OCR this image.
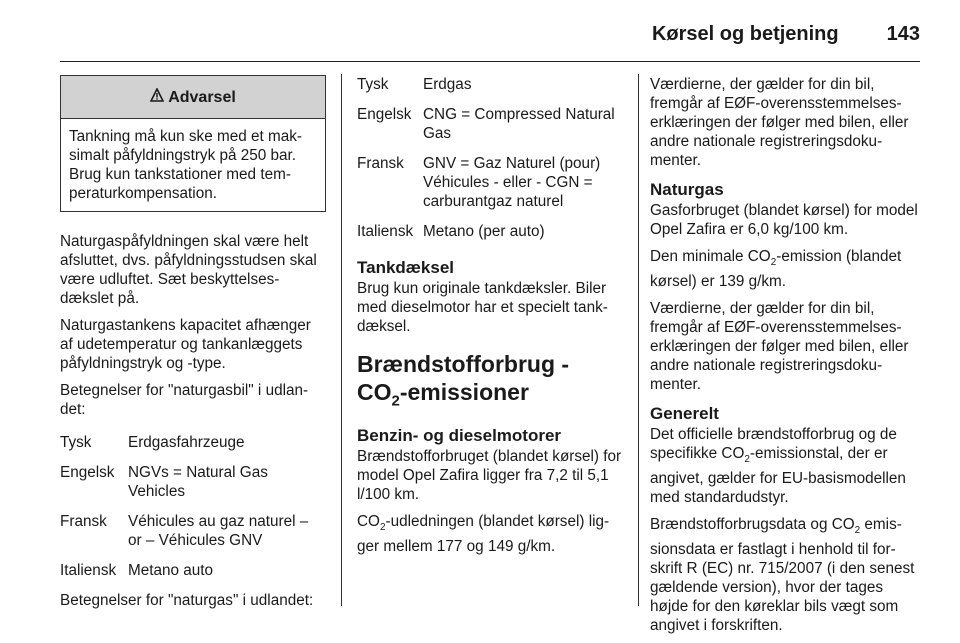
Kørsel og betjening 143
Advarsel
Tankning må kun ske med et maksimalt påfyldningstryk på 250 bar. Brug kun tankstationer med temperaturkompensation.

Naturgaspåfyldningen skal være helt afsluttet, dvs. påfyldningsstudsen skal være udluftet. Sæt beskyttelsesdækslet på.

Naturgastankens kapacitet afhænger af udetemperatur og tankanlæggets påfyldningstryk og -type.

Betegnelser for "naturgasbil" i udlandet:

Tysk	Erdgasfahrzeuge
Engelsk	NGVs = Natural Gas Vehicles
Fransk	Véhicules au gaz naturel – or – Véhicules GNV
Italiensk	Metano auto

Betegnelser for "naturgas" i udlandet:

Tysk	Erdgas
Engelsk	CNG = Compressed Natural Gas
Fransk	GNV = Gaz Naturel (pour) Véhicules - eller - CGN = carburantgaz naturel
Italiensk	Metano (per auto)
Tankdæksel

Brug kun originale tankdæksler. Biler med dieselmotor har et specielt tankdæksel.

Brændstofforbrug -
$CO_2$-emissioner
Benzin- og dieselmotorer

Brændstofforbruget (blandet kørsel) for model Opel Zafira ligger fra 7,2 til 5,1 l/100 km.

$CO_2$-udledningen (blandet kørsel) ligger mellem 177 og 149 g/km.

Værdierne, der gælder for din bil, fremgår af EØF-overensstemmelseserklæringen der følger med bilen, eller andre nationale registreringsdokumenter.

Naturgas

Gasforbruget (blandet kørsel) for model Opel Zafira er 6,0 kg/100 km.

Den minimale $CO_2$-emission (blandet kørsel) er 139 g/km.

Værdierne, der gælder for din bil, fremgår af EØF-overensstemmelseserklæringen der følger med bilen, eller andre nationale registreringsdokumenter.

Generelt

Det officielle brændstofforbrug og de specifikke $CO_2$-emissionstal, der er angivet, gælder for EU-basismodellen med standardudstyr.

Brændstofforbrugsdata og $CO_2$ emissionsdata er fastlagt i henhold til forskrift R (EC) nr. 715/2007 (i den senest gældende version), hvor der tages højde for den køreklar bils vægt som angivet i forskriften.
